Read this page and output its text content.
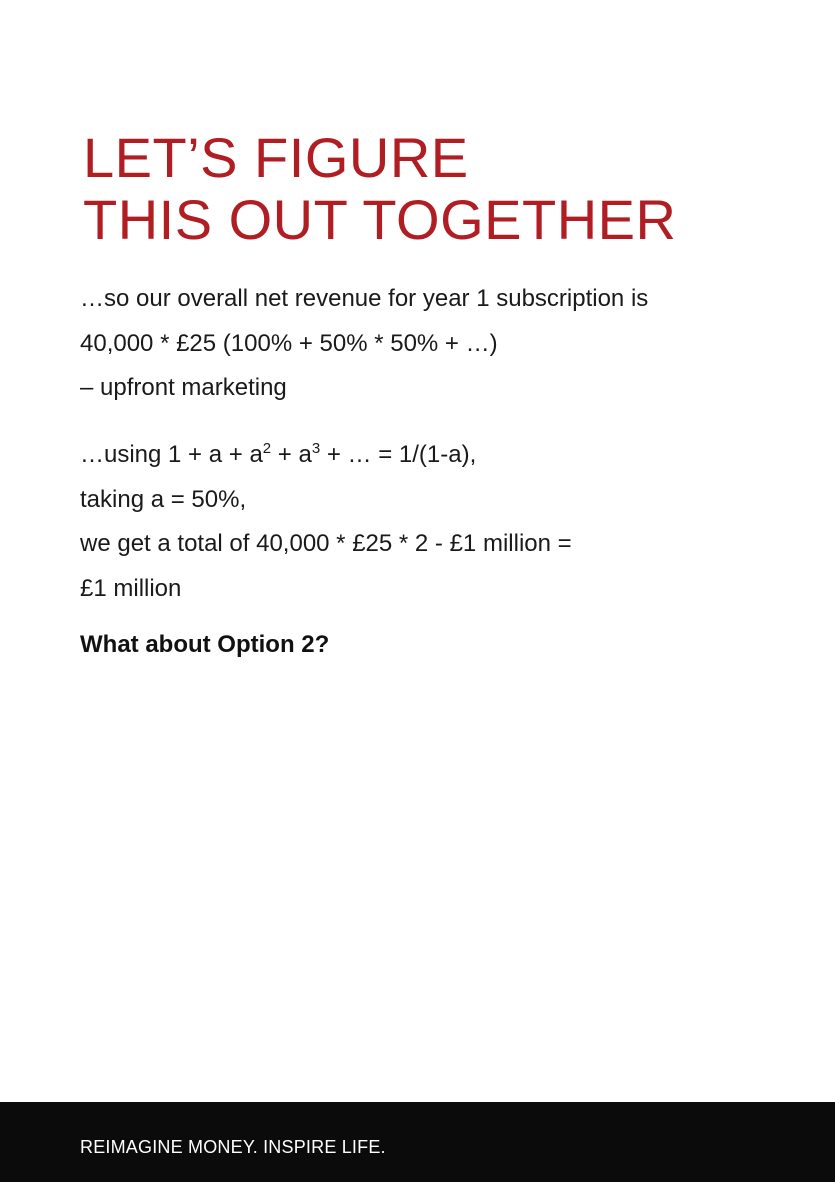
LET’S FIGURE
THIS OUT TOGETHER
…so our overall net revenue for year 1 subscription is
40,000 * £25 (100% + 50% * 50% + …)
– upfront marketing
…using $1 + a + a^2 + a^3$ + … = 1/(1-a),
taking a = 50%,
we get a total of 40,000 * £25 * 2 - £1 million =
£1 million
What about Option 2?
REIMAGINE MONEY. INSPIRE LIFE.
